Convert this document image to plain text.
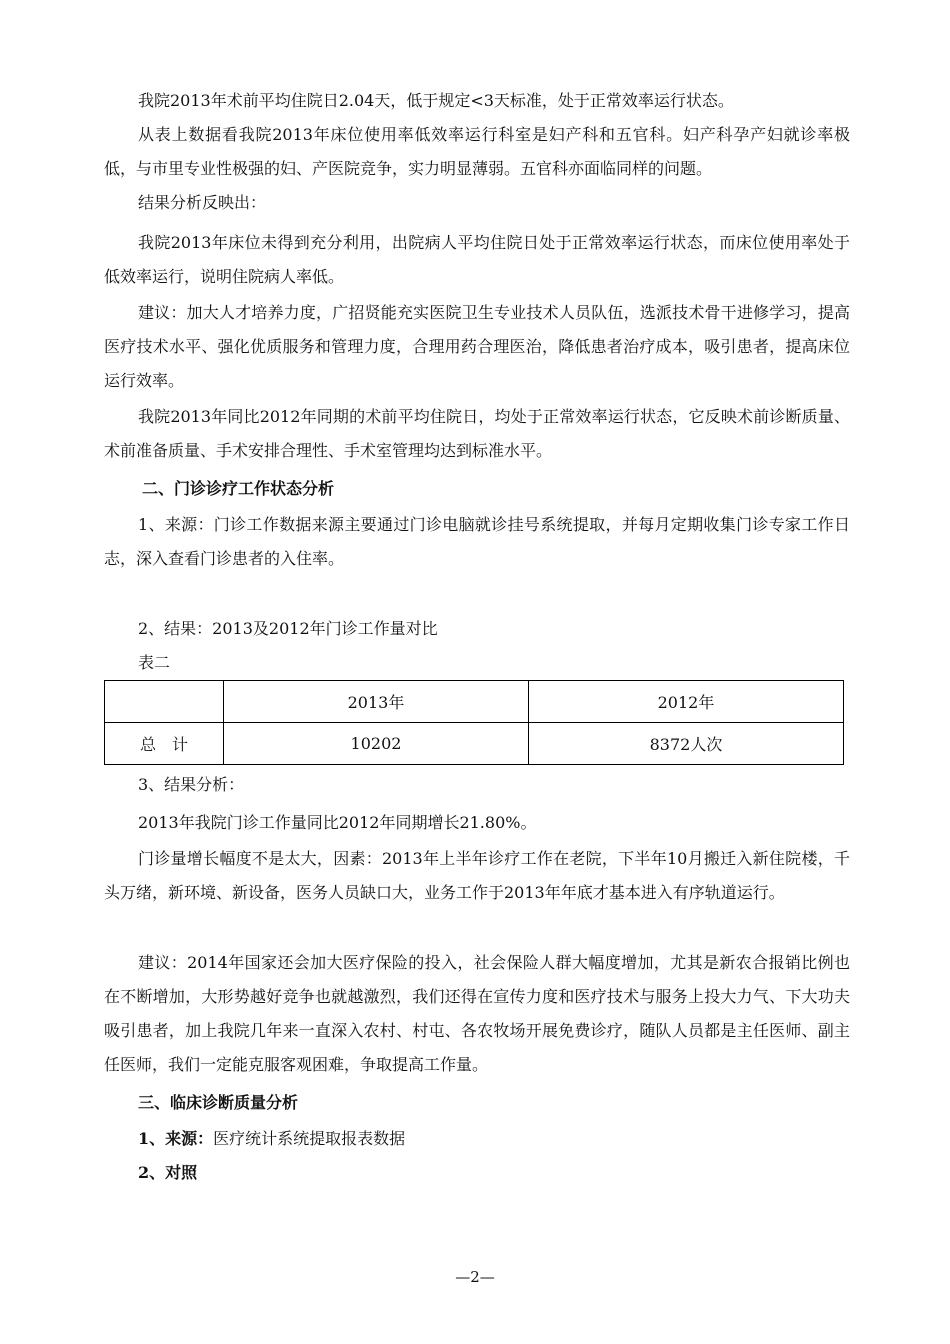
我院2013年术前平均住院日2.04天，低于规定<3天标准，处于正常效率运行状态。

从表上数据看我院2013年床位使用率低效率运行科室是妇产科和五官科。妇产科孕产妇就诊率极低，与市里专业性极强的妇、产医院竞争，实力明显薄弱。五官科亦面临同样的问题。

结果分析反映出：

我院2013年床位未得到充分利用，出院病人平均住院日处于正常效率运行状态，而床位使用率处于低效率运行，说明住院病人率低。

建议：加大人才培养力度，广招贤能充实医院卫生专业技术人员队伍，选派技术骨干进修学习，提高医疗技术水平、强化优质服务和管理力度，合理用药合理医治，降低患者治疗成本，吸引患者，提高床位运行效率。

我院2013年同比2012年同期的术前平均住院日，均处于正常效率运行状态，它反映术前诊断质量、术前准备质量、手术安排合理性、手术室管理均达到标准水平。

二、门诊诊疗工作状态分析

1、来源：门诊工作数据来源主要通过门诊电脑就诊挂号系统提取，并每月定期收集门诊专家工作日志，深入查看门诊患者的入住率。

2、结果：2013及2012年门诊工作量对比

表二

	2013年	2012年
总　计	10202	8372人次

3、结果分析：

2013年我院门诊工作量同比2012年同期增长21.80%。

门诊量增长幅度不是太大，因素：2013年上半年诊疗工作在老院，下半年10月搬迁入新住院楼，千头万绪，新环境、新设备，医务人员缺口大，业务工作于2013年年底才基本进入有序轨道运行。

建议：2014年国家还会加大医疗保险的投入，社会保险人群大幅度增加，尤其是新农合报销比例也在不断增加，大形势越好竞争也就越激烈，我们还得在宣传力度和医疗技术与服务上投大力气、下大功夫吸引患者，加上我院几年来一直深入农村、村屯、各农牧场开展免费诊疗，随队人员都是主任医师、副主任医师，我们一定能克服客观困难，争取提高工作量。

三、临床诊断质量分析

1、来源：医疗统计系统提取报表数据

2、对照

—2—
